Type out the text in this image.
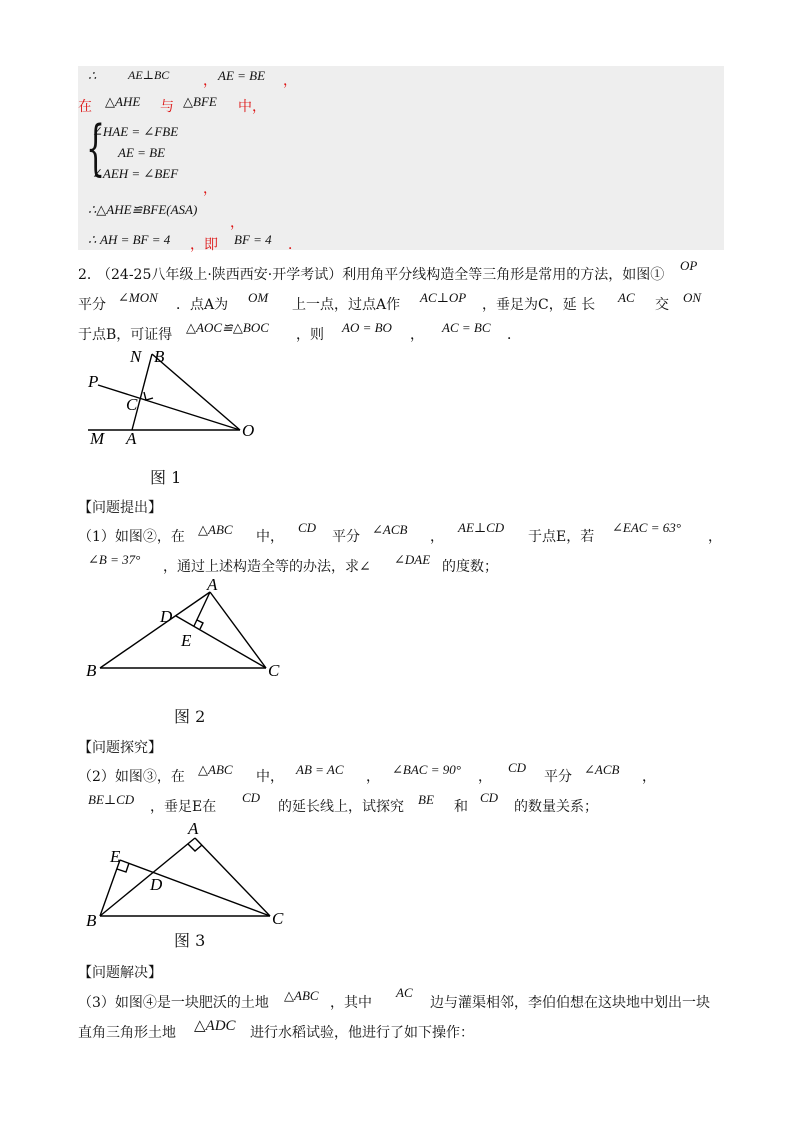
∴	AE⊥BC ， AE = BE ，
在 △AHE 与 △BFE 中，
{
∠HAE = ∠FBE
AE = BE
∠AEH = ∠BEF
，
∴△AHE≌BFE(ASA)
，
∴ AH = BF = 4 ，即 BF = 4 ．
2．
（24-25八年级上·陕西西安·开学考试）利用角平分线构造全等三角形是常用的方法，如图①
OP
平分 ∠MON ．点A为 OM 上一点，过点A作 AC⊥OP ，垂足为C，延 长 AC 交 ON
于点B，可证得 △AOC≌△BOC ，则 AO = BO ， AC = BC ．
N B
P
C
M A	O
图 1
【问题提出】
（1）如图②，在 △ABC 中，
CD
平分 ∠ACB ，
AE⊥CD
于点E，若
∠EAC = 63°
，
∠B = 37° ，通过上述构造全等的办法，求∠ ∠DAE 的度数；
A
D
E
B	C
图 2
【问题探究】
（2）如图③，在 △ABC 中， AB = AC ， ∠BAC = 90° ，
CD
平分 ∠ACB ，
BE⊥CD ，垂足E在
CD
的延长线上，试探究 BE 和
CD
的数量关系；
A
E
D
B	C
图 3
【问题解决】
（3）如图④是一块肥沃的土地 △ABC ，其中
AC
边与灌渠相邻，李伯伯想在这块地中划出一块
直角三角形土地 △ADC 进行水稻试验，他进行了如下操作：
